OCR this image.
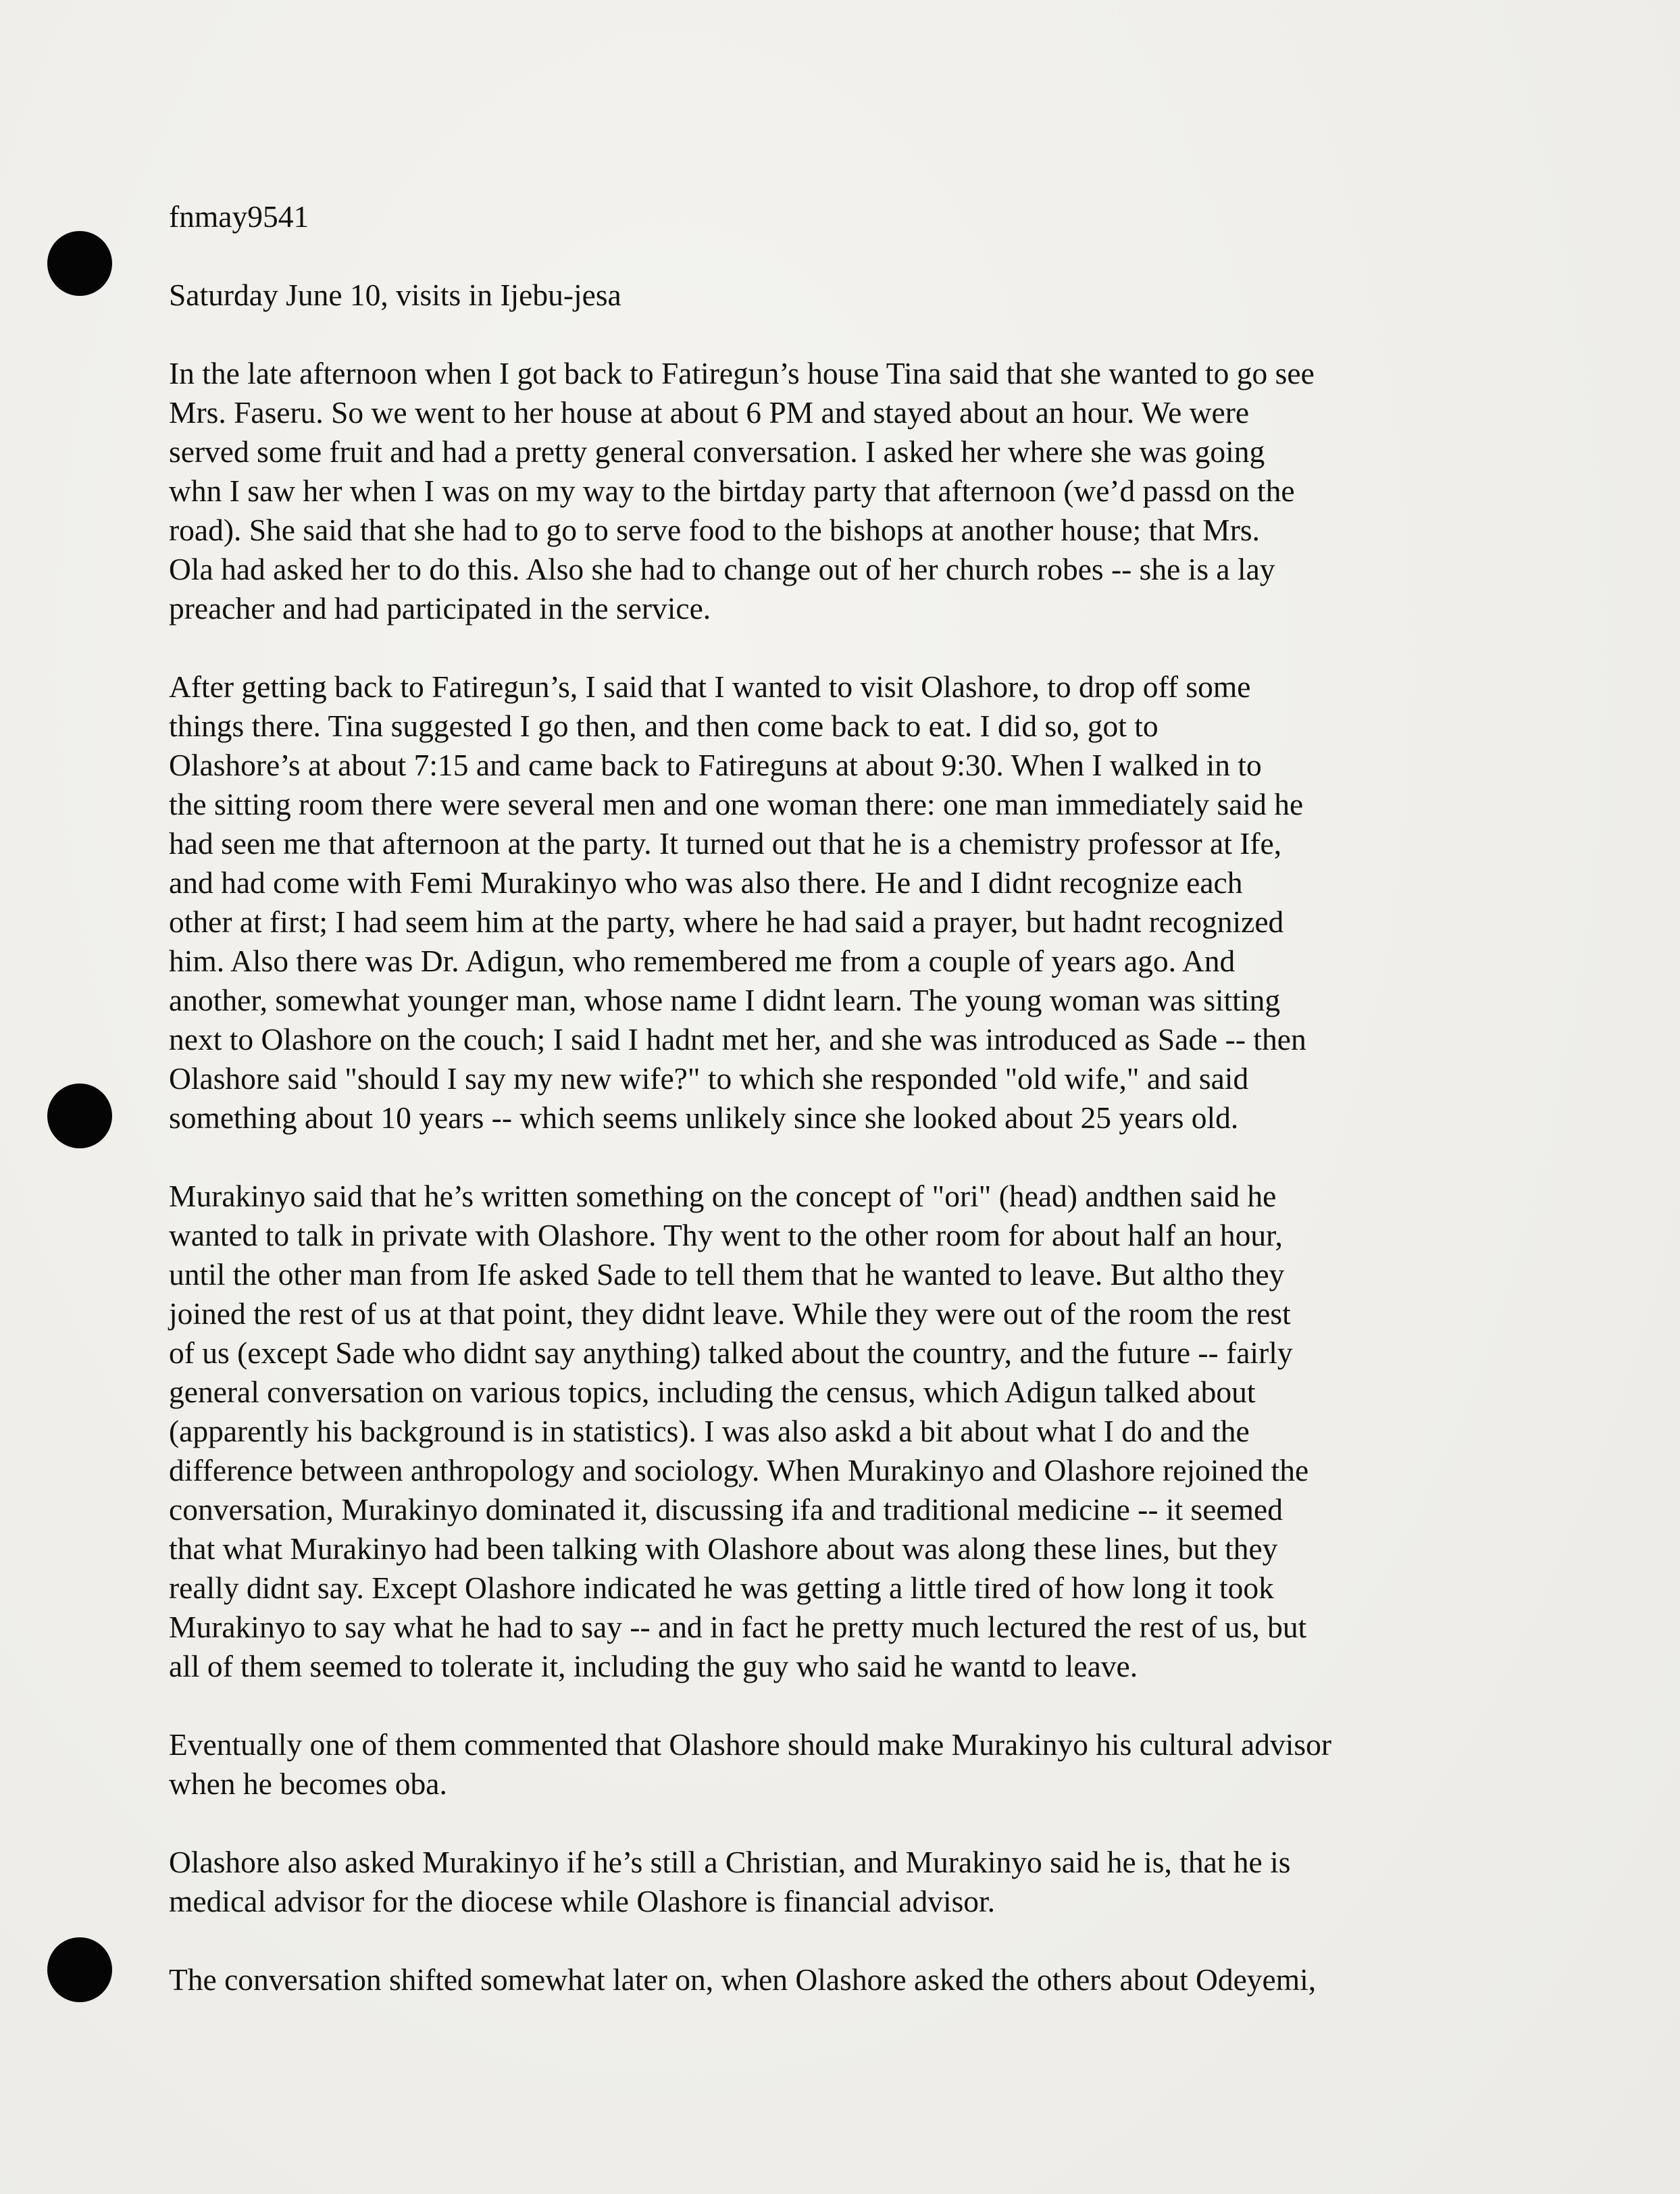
fnmay9541

Saturday June 10, visits in Ijebu-jesa

In the late afternoon when I got back to Fatiregun’s house Tina said that she wanted to go see
Mrs. Faseru. So we went to her house at about 6 PM and stayed about an hour. We were
served some fruit and had a pretty general conversation. I asked her where she was going
whn I saw her when I was on my way to the birtday party that afternoon (we’d passd on the
road). She said that she had to go to serve food to the bishops at another house; that Mrs.
Ola had asked her to do this. Also she had to change out of her church robes -- she is a lay
preacher and had participated in the service.

After getting back to Fatiregun’s, I said that I wanted to visit Olashore, to drop off some
things there. Tina suggested I go then, and then come back to eat. I did so, got to
Olashore’s at about 7:15 and came back to Fatireguns at about 9:30. When I walked in to
the sitting room there were several men and one woman there: one man immediately said he
had seen me that afternoon at the party. It turned out that he is a chemistry professor at Ife,
and had come with Femi Murakinyo who was also there. He and I didnt recognize each
other at first; I had seem him at the party, where he had said a prayer, but hadnt recognized
him. Also there was Dr. Adigun, who remembered me from a couple of years ago. And
another, somewhat younger man, whose name I didnt learn. The young woman was sitting
next to Olashore on the couch; I said I hadnt met her, and she was introduced as Sade -- then
Olashore said "should I say my new wife?" to which she responded "old wife," and said
something about 10 years -- which seems unlikely since she looked about 25 years old.

Murakinyo said that he’s written something on the concept of "ori" (head) andthen said he
wanted to talk in private with Olashore. Thy went to the other room for about half an hour,
until the other man from Ife asked Sade to tell them that he wanted to leave. But altho they
joined the rest of us at that point, they didnt leave. While they were out of the room the rest
of us (except Sade who didnt say anything) talked about the country, and the future -- fairly
general conversation on various topics, including the census, which Adigun talked about
(apparently his background is in statistics). I was also askd a bit about what I do and the
difference between anthropology and sociology. When Murakinyo and Olashore rejoined the
conversation, Murakinyo dominated it, discussing ifa and traditional medicine -- it seemed
that what Murakinyo had been talking with Olashore about was along these lines, but they
really didnt say. Except Olashore indicated he was getting a little tired of how long it took
Murakinyo to say what he had to say -- and in fact he pretty much lectured the rest of us, but
all of them seemed to tolerate it, including the guy who said he wantd to leave.

Eventually one of them commented that Olashore should make Murakinyo his cultural advisor
when he becomes oba.

Olashore also asked Murakinyo if he’s still a Christian, and Murakinyo said he is, that he is
medical advisor for the diocese while Olashore is financial advisor.

The conversation shifted somewhat later on, when Olashore asked the others about Odeyemi,
